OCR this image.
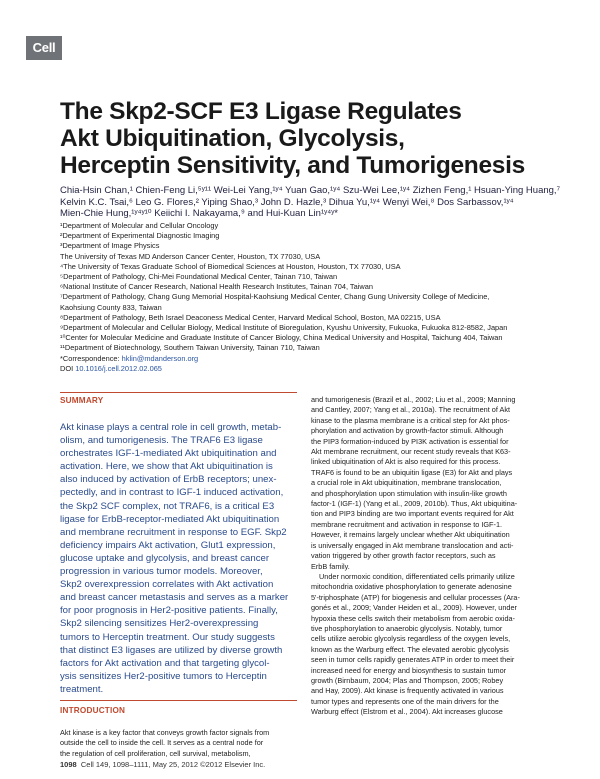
Cell
The Skp2-SCF E3 Ligase Regulates
Akt Ubiquitination, Glycolysis,
Herceptin Sensitivity, and Tumorigenesis
Chia-Hsin Chan,¹ Chien-Feng Li,⁵ʸ¹¹ Wei-Lei Yang,¹ʸ⁴ Yuan Gao,¹ʸ⁴ Szu-Wei Lee,¹ʸ⁴ Zizhen Feng,¹ Hsuan-Ying Huang,⁷
Kelvin K.C. Tsai,⁶ Leo G. Flores,² Yiping Shao,³ John D. Hazle,³ Dihua Yu,¹ʸ⁴ Wenyi Wei,⁸ Dos Sarbassov,¹ʸ⁴
Mien-Chie Hung,¹ʸ⁴ʸ¹⁰ Keiichi I. Nakayama,⁹ and Hui-Kuan Lin¹ʸ⁴ʸ*
¹Department of Molecular and Cellular Oncology
²Department of Experimental Diagnostic Imaging
³Department of Image Physics
The University of Texas MD Anderson Cancer Center, Houston, TX 77030, USA
⁴The University of Texas Graduate School of Biomedical Sciences at Houston, Houston, TX 77030, USA
⁵Department of Pathology, Chi-Mei Foundational Medical Center, Tainan 710, Taiwan
⁶National Institute of Cancer Research, National Health Research Institutes, Tainan 704, Taiwan
⁷Department of Pathology, Chang Gung Memorial Hospital-Kaohsiung Medical Center, Chang Gung University College of Medicine,
Kaohsiung County 833, Taiwan
⁸Department of Pathology, Beth Israel Deaconess Medical Center, Harvard Medical School, Boston, MA 02215, USA
⁹Department of Molecular and Cellular Biology, Medical Institute of Bioregulation, Kyushu University, Fukuoka, Fukuoka 812-8582, Japan
¹⁰Center for Molecular Medicine and Graduate Institute of Cancer Biology, China Medical University and Hospital, Taichung 404, Taiwan
¹¹Department of Biotechnology, Southern Taiwan University, Tainan 710, Taiwan
*Correspondence: hklin@mdanderson.org
DOI 10.1016/j.cell.2012.02.065
SUMMARY
Akt kinase plays a central role in cell growth, metab-
olism, and tumorigenesis. The TRAF6 E3 ligase
orchestrates IGF-1-mediated Akt ubiquitination and
activation. Here, we show that Akt ubiquitination is
also induced by activation of ErbB receptors; unex-
pectedly, and in contrast to IGF-1 induced activation,
the Skp2 SCF complex, not TRAF6, is a critical E3
ligase for ErbB-receptor-mediated Akt ubiquitination
and membrane recruitment in response to EGF. Skp2
deficiency impairs Akt activation, Glut1 expression,
glucose uptake and glycolysis, and breast cancer
progression in various tumor models. Moreover,
Skp2 overexpression correlates with Akt activation
and breast cancer metastasis and serves as a marker
for poor prognosis in Her2-positive patients. Finally,
Skp2 silencing sensitizes Her2-overexpressing
tumors to Herceptin treatment. Our study suggests
that distinct E3 ligases are utilized by diverse growth
factors for Akt activation and that targeting glycol-
ysis sensitizes Her2-positive tumors to Herceptin
treatment.
INTRODUCTION
Akt kinase is a key factor that conveys growth factor signals from
outside the cell to inside the cell. It serves as a central node for
the regulation of cell proliferation, cell survival, metabolism,
and tumorigenesis (Brazil et al., 2002; Liu et al., 2009; Manning
and Cantley, 2007; Yang et al., 2010a). The recruitment of Akt
kinase to the plasma membrane is a critical step for Akt phos-
phorylation and activation by growth-factor stimuli. Although
the PIP3 formation-induced by PI3K activation is essential for
Akt membrane recruitment, our recent study reveals that K63-
linked ubiquitination of Akt is also required for this process.
TRAF6 is found to be an ubiquitin ligase (E3) for Akt and plays
a crucial role in Akt ubiquitination, membrane translocation,
and phosphorylation upon stimulation with insulin-like growth
factor-1 (IGF-1) (Yang et al., 2009, 2010b). Thus, Akt ubiquitina-
tion and PIP3 binding are two important events required for Akt
membrane recruitment and activation in response to IGF-1.
However, it remains largely unclear whether Akt ubiquitination
is universally engaged in Akt membrane translocation and acti-
vation triggered by other growth factor receptors, such as
ErbB family.
Under normoxic condition, differentiated cells primarily utilize
mitochondria oxidative phosphorylation to generate adenosine
5'-triphosphate (ATP) for biogenesis and cellular processes (Ara-
gonés et al., 2009; Vander Heiden et al., 2009). However, under
hypoxia these cells switch their metabolism from aerobic oxida-
tive phosphorylation to anaerobic glycolysis. Notably, tumor
cells utilize aerobic glycolysis regardless of the oxygen levels,
known as the Warburg effect. The elevated aerobic glycolysis
seen in tumor cells rapidly generates ATP in order to meet their
increased need for energy and biosynthesis to sustain tumor
growth (Birnbaum, 2004; Plas and Thompson, 2005; Robey
and Hay, 2009). Akt kinase is frequently activated in various
tumor types and represents one of the main drivers for the
Warburg effect (Elstrom et al., 2004). Akt increases glucose
1098 Cell 149, 1098–1111, May 25, 2012 ©2012 Elsevier Inc.
